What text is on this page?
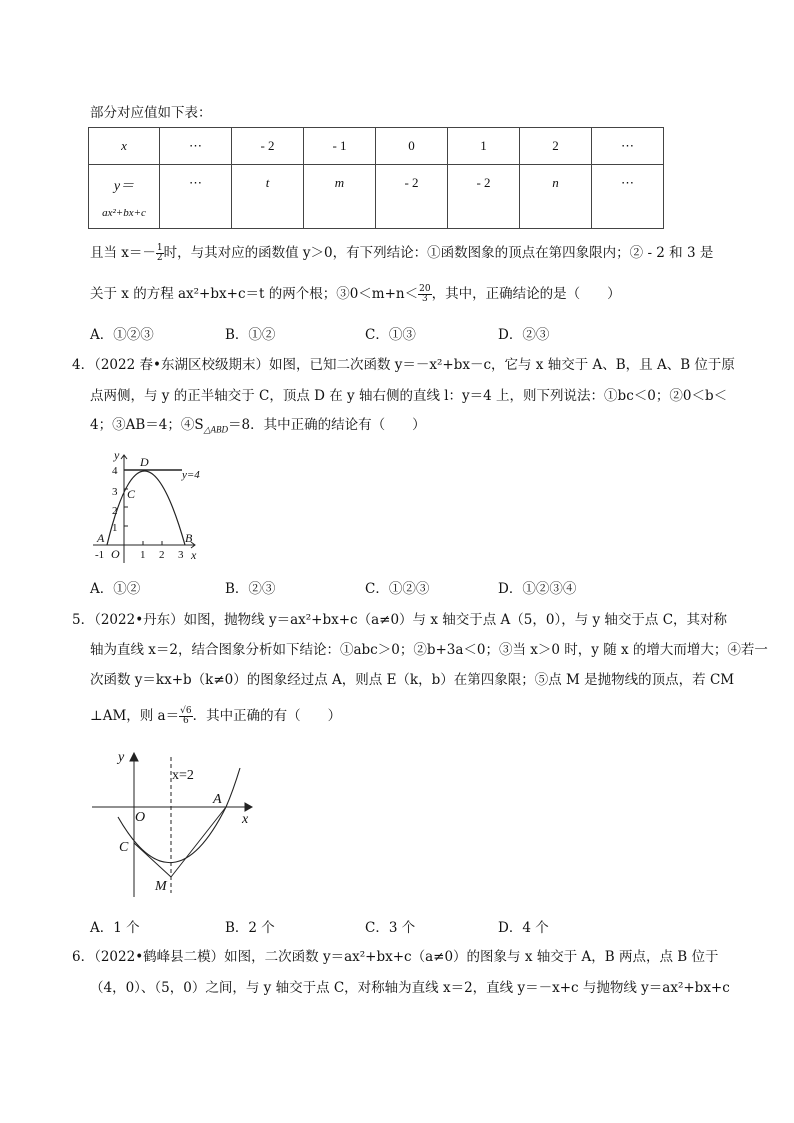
部分对应值如下表：
x	⋯	- 2	- 1	0	1	2	⋯

y＝
ax²+bx+c	⋯	t	m	- 2	- 2	n	⋯
且当 $x=- \frac{1}{2}$ 时，与其对应的函数值 y＞0，有下列结论：①函数图象的顶点在第四象限内；② - 2 和 3 是
关于 x 的方程 ax²+bx+c＝t 的两个根；③0＜m+n＜ $\frac{20}{3}$ ，其中，正确结论的是（　　）
A．①②③	B．①②	C．①③	D．②③
4．（2022 春•东湖区校级期末）如图，已知二次函数 y＝－x²+bx－c，它与 x 轴交于 A、B，且 A、B 位于原
点两侧，与 y 的正半轴交于 C，顶点 D 在 y 轴右侧的直线 l：y＝4 上，则下列说法：①bc＜0；②0＜b＜
4；③AB＝4；$④S_{\triangle ABD}=8$．其中正确的结论有（　　）
y D
y=4
4
3 C
2
1
A	B
-1 O 1 2 3 x
A．①②	B．②③	C．①②③	D．①②③④
5．（2022•丹东）如图，抛物线 y＝ax²+bx+c（a≠0）与 x 轴交于点 A（5，0），与 y 轴交于点 C，其对称
轴为直线 x＝2，结合图象分析如下结论：①abc＞0；②b+3a＜0；③当 x＞0 时，y 随 x 的增大而增大；④若一
次函数 y＝kx+b（k≠0）的图象经过点 A，则点 E（k，b）在第四象限；⑤点 M 是抛物线的顶点，若 CM
⊥AM，则 $a= \frac{√6}{6}$ ．其中正确的有（　　）
y
x=2
A
O	x
C
M
A．1 个	B．2 个	C．3 个	D．4 个
6．（2022•鹤峰县二模）如图，二次函数 y＝ax²+bx+c（a≠0）的图象与 x 轴交于 A，B 两点，点 B 位于
（4，0）、（5，0）之间，与 y 轴交于点 C，对称轴为直线 x＝2，直线 y＝－x+c 与抛物线 y＝ax²+bx+c
